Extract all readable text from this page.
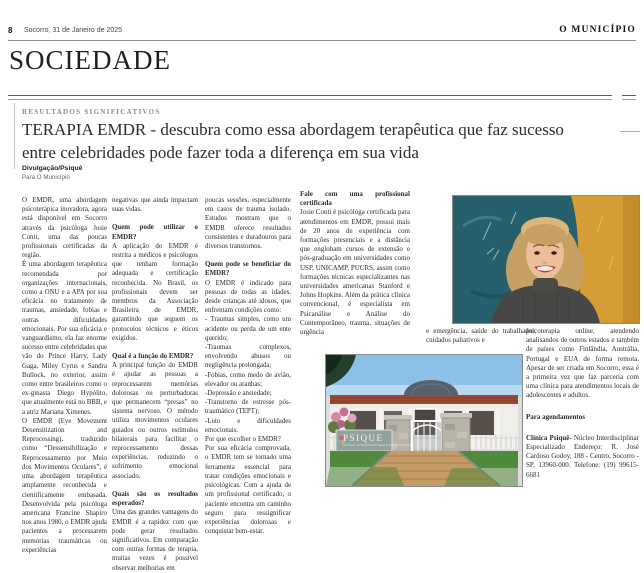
8 Socorro, 31 de Janeiro de 2025	O MUNICÍPIO
SOCIEDADE
RESULTADOS SIGNIFICATIVOS
TERAPIA EMDR - descubra como essa abordagem terapêutica que faz sucesso entre celebridades pode fazer toda a diferença em sua vida
Divulgação/Psiquê
Para O Município

O EMDR, uma abordagem psicoterápica inovadora, agora está disponível em Socorro através da psicóloga Josie Conti, uma das poucas profissionais certificadas da região.

É uma abordagem terapêutica recomendada por organizações internacionais, como a ONU e a APA por sua eficácia no tratamento de traumas, ansiedade, fobias e outras dificuldades emocionais. Por sua eficácia e vanguardismo, ela faz enorme sucesso entre celebridades que vão do Prince Harry, Lady Gaga, Miley Cyrus e Sandra Bullock, no exterior, assim como entre brasileiros como o ex-ginasta Diego Hypólito, que atualmente está no BBB, e a atriz Mariana Ximenes.

O EMDR (Eye Movement Desensitization and Reprocessing), traduzido como “Dessensibilização e Reprocessamento por Meio dos Movimentos Oculares”, é uma abordagem terapêutica amplamente reconhecida e cientificamente embasada. Desenvolvida pela psicóloga americana Francine Shapiro nos anos 1980, o EMDR ajuda pacientes a processarem memórias traumáticas ou experiências

negativas que ainda impactam suas vidas.

Quem pode utilizar o EMDR?

A aplicação do EMDR é restrita a médicos e psicólogos que tenham formação adequada e certificação reconhecida. No Brasil, os profissionais devem ser membros da Associação Brasileira de EMDR, garantindo que seguem os protocolos técnicos e éticos exigidos.

Qual é a função do EMDR?

A principal função do EMDR é ajudar as pessoas a reprocessarem memórias dolorosas ou perturbadoras que permanecem “presas” no sistema nervoso. O método utiliza movimentos oculares guiados ou outros estímulos bilaterais para facilitar o reprocessamento dessas experiências, reduzindo o sofrimento emocional associado.

Quais são os resultados esperados?

Uma das grandes vantagens do EMDR é a rapidez com que pode gerar resultados significativos. Em comparação com outras formas de terapia, muitas vezes é possível observar melhorias em

poucas sessões, especialmente em casos de trauma isolado. Estudos mostram que o EMDR oferece resultados consistentes e duradouros para diversos transtornos.

Quem pode se beneficiar do EMDR?

O EMDR é indicado para pessoas de todas as idades, desde crianças até idosos, que enfrentam condições como:

- Traumas simples, como um acidente ou perda de um ente querido;

-Traumas complexos, envolvendo abusos ou negligência prolongada;

-Fobias, como medo de avião, elevador ou aranhas;

-Depressão e ansiedade;

-Transtorno de estresse pós-traumático (TEPT);

-Luto e dificuldades emocionais.

Por que escolher o EMDR?

Por sua eficácia comprovada, o EMDR tem se tornado uma ferramenta essencial para tratar condições emocionais e psicológicas. Com a ajuda de um profissional certificado, o paciente encontra um caminho seguro para ressignificar experiências dolorosas e conquistar bem-estar.

Fale com uma profissional certificada

Josie Conti é psicóloga certificada para atendimentos em EMDR, possui mais de 20 anos de experiência com formações presenciais e a distância que englobam cursos de extensão e pós-graduação em universidades como USP, UNICAMP, PUCRS, assim como formações técnicas especializantes nas universidades americanas Stanford e Johns Hopkins. Além da prática clínica convencional, é especialista em Psicanálise e Análise do Contemporâneo, trauma, situações de urgência	e emergência, saúde do trabalhador, cuidados paliativos e

psicoterapia online, atendendo analisandos de outros estados e também de países como Finlândia, Austrália, Portugal e EUA de forma remota. Apesar de ser criada em Socorro, essa é a primeira vez que faz parceria com uma clínica para atendimentos locais de adolescentes e adultos.

Para agendamentos

Clínica Psiquê- Núcleo Interdisciplinar Especializado Endereço: R. José Cardoso Godoy, 188 - Centro, Socorro - SP, 13960-000. Telefone: (19) 99615-6681

PSIQUE
NÚCLEO INTERDISCIPLINAR ESPECIALIZADO
